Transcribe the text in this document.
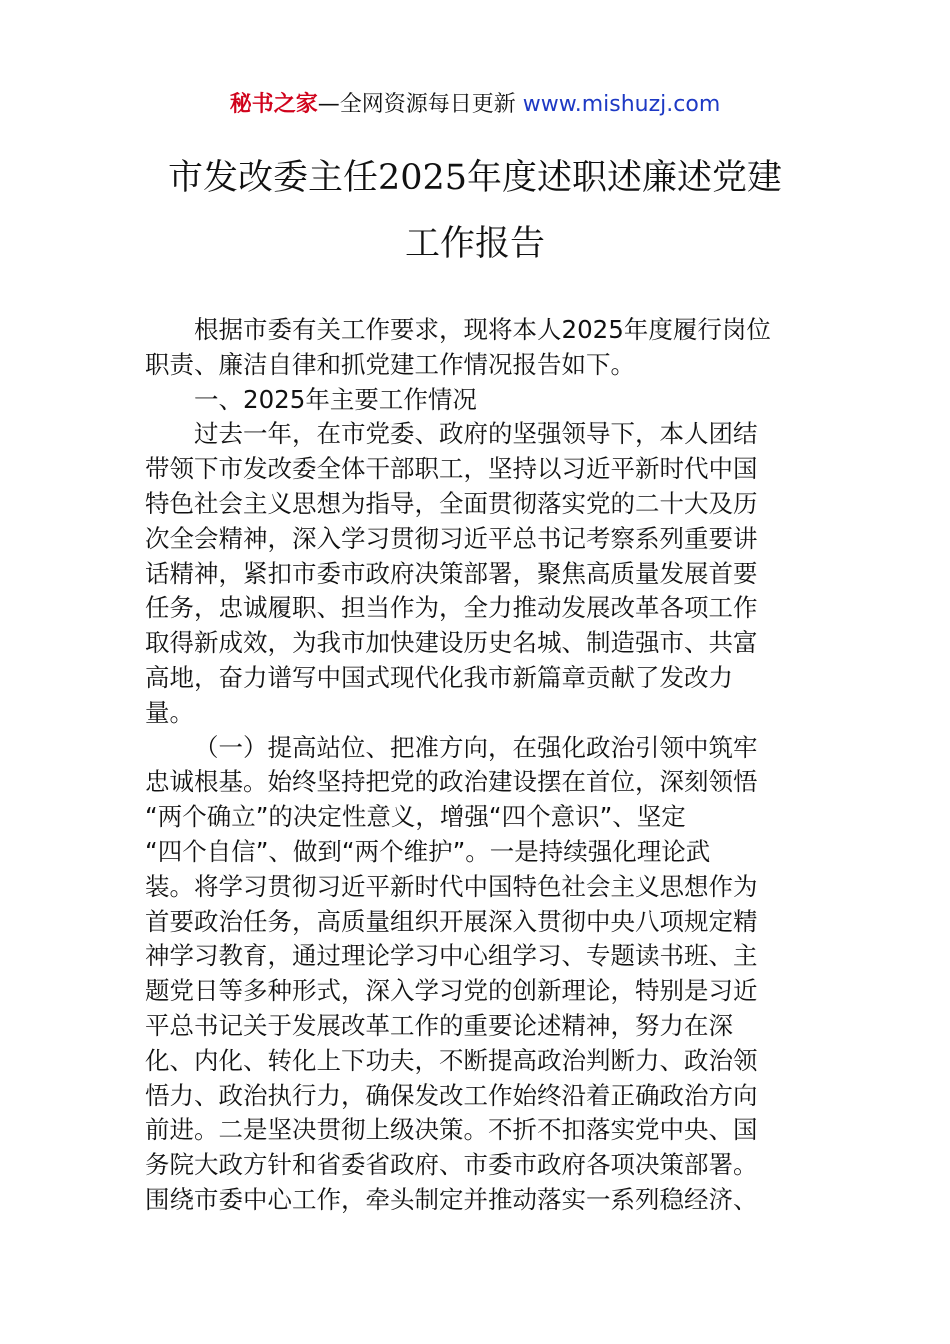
秘书之家—全网资源每日更新 www.mishuzj.com
市发改委主任2025年度述职述廉述党建
工作报告
根据市委有关工作要求，现将本人2025年度履行岗位
职责、廉洁自律和抓党建工作情况报告如下。
一、2025年主要工作情况
过去一年，在市党委、政府的坚强领导下，本人团结
带领下市发改委全体干部职工，坚持以习近平新时代中国
特色社会主义思想为指导，全面贯彻落实党的二十大及历
次全会精神，深入学习贯彻习近平总书记考察系列重要讲
话精神，紧扣市委市政府决策部署，聚焦高质量发展首要
任务，忠诚履职、担当作为，全力推动发展改革各项工作
取得新成效，为我市加快建设历史名城、制造强市、共富
高地，奋力谱写中国式现代化我市新篇章贡献了发改力
量。
（一）提高站位、把准方向，在强化政治引领中筑牢
忠诚根基。始终坚持把党的政治建设摆在首位，深刻领悟
“两个确立”的决定性意义，增强“四个意识”、坚定
“四个自信”、做到“两个维护”。一是持续强化理论武
装。将学习贯彻习近平新时代中国特色社会主义思想作为
首要政治任务，高质量组织开展深入贯彻中央八项规定精
神学习教育，通过理论学习中心组学习、专题读书班、主
题党日等多种形式，深入学习党的创新理论，特别是习近
平总书记关于发展改革工作的重要论述精神，努力在深
化、内化、转化上下功夫，不断提高政治判断力、政治领
悟力、政治执行力，确保发改工作始终沿着正确政治方向
前进。二是坚决贯彻上级决策。不折不扣落实党中央、国
务院大政方针和省委省政府、市委市政府各项决策部署。
围绕市委中心工作，牵头制定并推动落实一系列稳经济、
